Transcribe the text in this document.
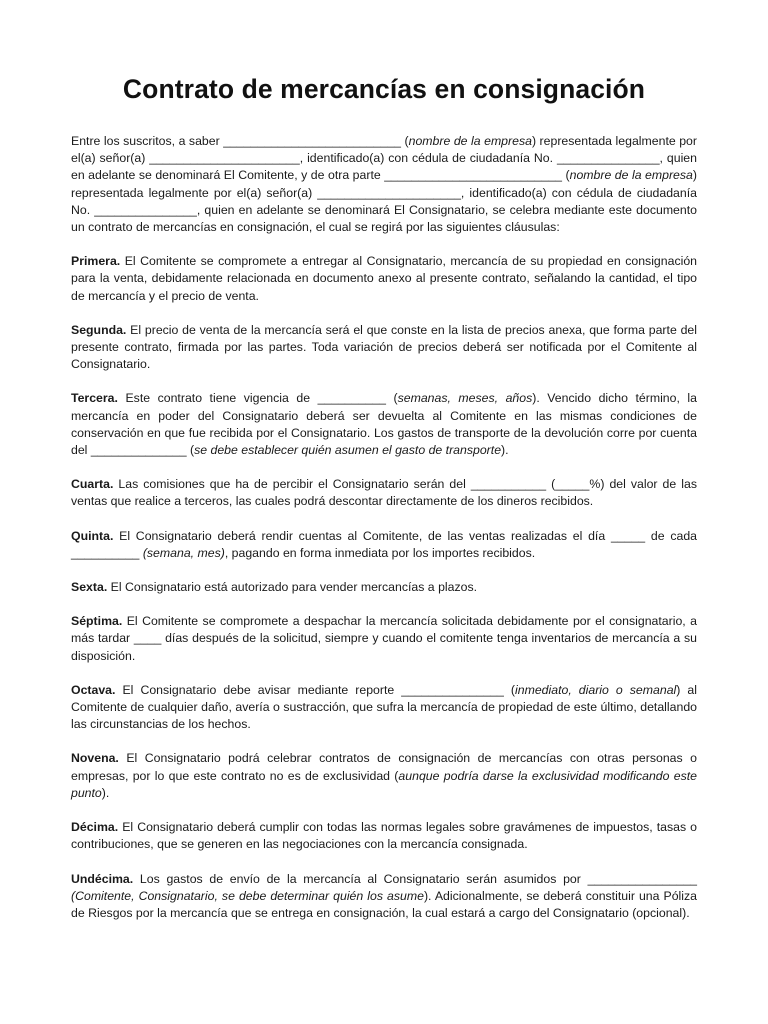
Contrato de mercancías en consignación

Entre los suscritos, a saber __________________________ (nombre de la empresa) representada legalmente por el(a) señor(a) ______________________, identificado(a) con cédula de ciudadanía No. _______________, quien en adelante se denominará El Comitente, y de otra parte __________________________ (nombre de la empresa) representada legalmente por el(a) señor(a) _____________________, identificado(a) con cédula de ciudadanía No. _______________, quien en adelante se denominará El Consignatario, se celebra mediante este documento un contrato de mercancías en consignación, el cual se regirá por las siguientes cláusulas:

Primera. El Comitente se compromete a entregar al Consignatario, mercancía de su propiedad en consignación para la venta, debidamente relacionada en documento anexo al presente contrato, señalando la cantidad, el tipo de mercancía y el precio de venta.

Segunda. El precio de venta de la mercancía será el que conste en la lista de precios anexa, que forma parte del presente contrato, firmada por las partes. Toda variación de precios deberá ser notificada por el Comitente al Consignatario.

Tercera. Este contrato tiene vigencia de __________ (semanas, meses, años). Vencido dicho término, la mercancía en poder del Consignatario deberá ser devuelta al Comitente en las mismas condiciones de conservación en que fue recibida por el Consignatario. Los gastos de transporte de la devolución corre por cuenta del ______________ (se debe establecer quién asumen el gasto de transporte).

Cuarta. Las comisiones que ha de percibir el Consignatario serán del ___________ (_____%) del valor de las ventas que realice a terceros, las cuales podrá descontar directamente de los dineros recibidos.

Quinta. El Consignatario deberá rendir cuentas al Comitente, de las ventas realizadas el día _____ de cada __________ (semana, mes), pagando en forma inmediata por los importes recibidos.

Sexta. El Consignatario está autorizado para vender mercancías a plazos.

Séptima. El Comitente se compromete a despachar la mercancía solicitada debidamente por el consignatario, a más tardar ____ días después de la solicitud, siempre y cuando el comitente tenga inventarios de mercancía a su disposición.

Octava. El Consignatario debe avisar mediante reporte _______________ (inmediato, diario o semanal) al Comitente de cualquier daño, avería o sustracción, que sufra la mercancía de propiedad de este último, detallando las circunstancias de los hechos.

Novena. El Consignatario podrá celebrar contratos de consignación de mercancías con otras personas o empresas, por lo que este contrato no es de exclusividad (aunque podría darse la exclusividad modificando este punto).

Décima. El Consignatario deberá cumplir con todas las normas legales sobre gravámenes de impuestos, tasas o contribuciones, que se generen en las negociaciones con la mercancía consignada.

Undécima. Los gastos de envío de la mercancía al Consignatario serán asumidos por ________________ (Comitente, Consignatario, se debe determinar quién los asume). Adicionalmente, se deberá constituir una Póliza de Riesgos por la mercancía que se entrega en consignación, la cual estará a cargo del Consignatario (opcional).
